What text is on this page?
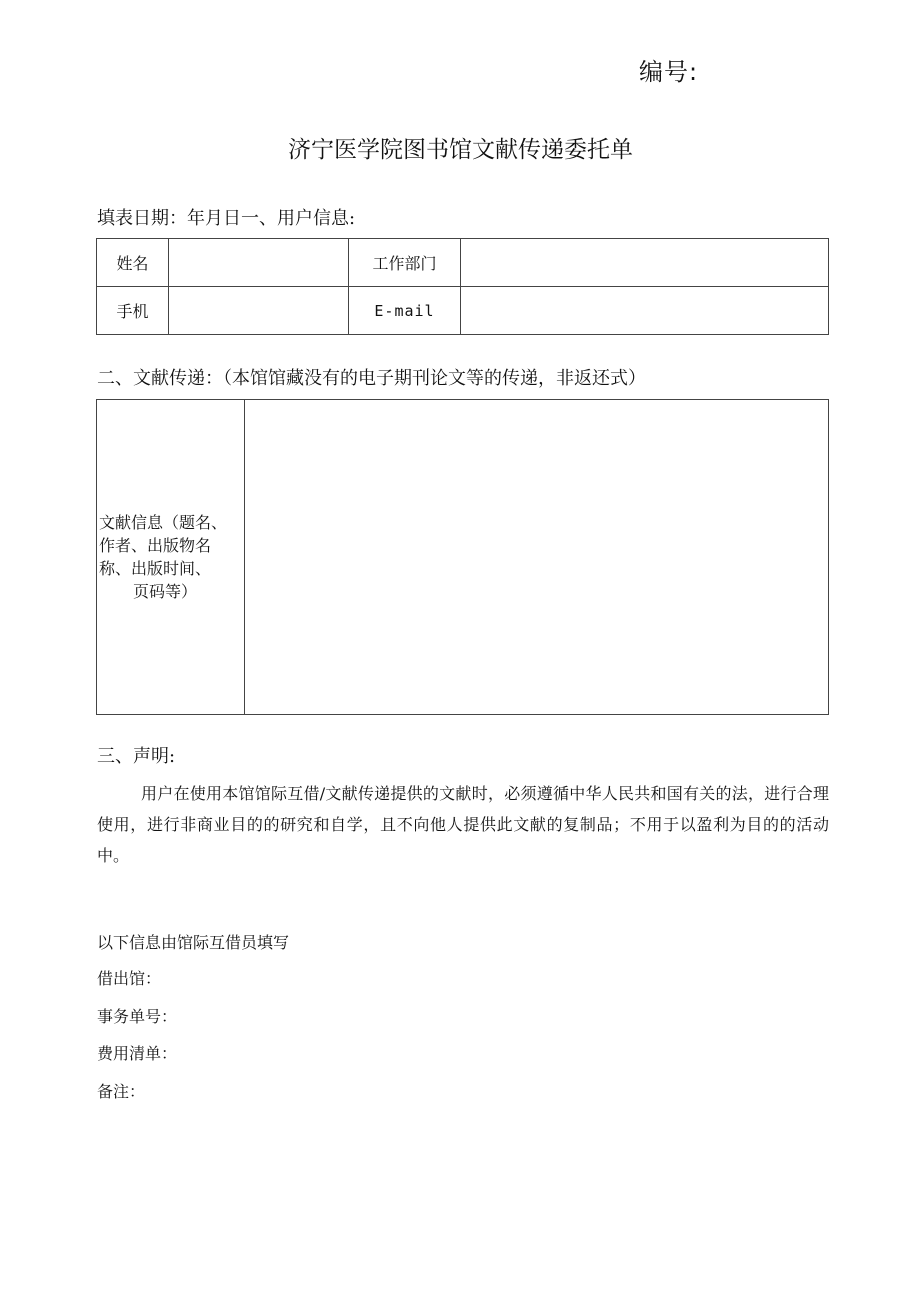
编号:
济宁医学院图书馆文献传递委托单
填表日期：年月日一、用户信息:
姓名		工作部门	
手机		E-mail	
二、文献传递：（本馆馆藏没有的电子期刊论文等的传递，非返还式）
文献信息（题名、
作者、出版物名
称、出版时间、
页码等）

三、声明:
用户在使用本馆馆际互借/文献传递提供的文献时，必须遵循中华人民共和国有关的法，进行合理使用，进行非商业目的的研究和自学，且不向他人提供此文献的复制品；不用于以盈利为目的的活动中。
以下信息由馆际互借员填写
借出馆：
事务单号：
费用清单：
备注：
